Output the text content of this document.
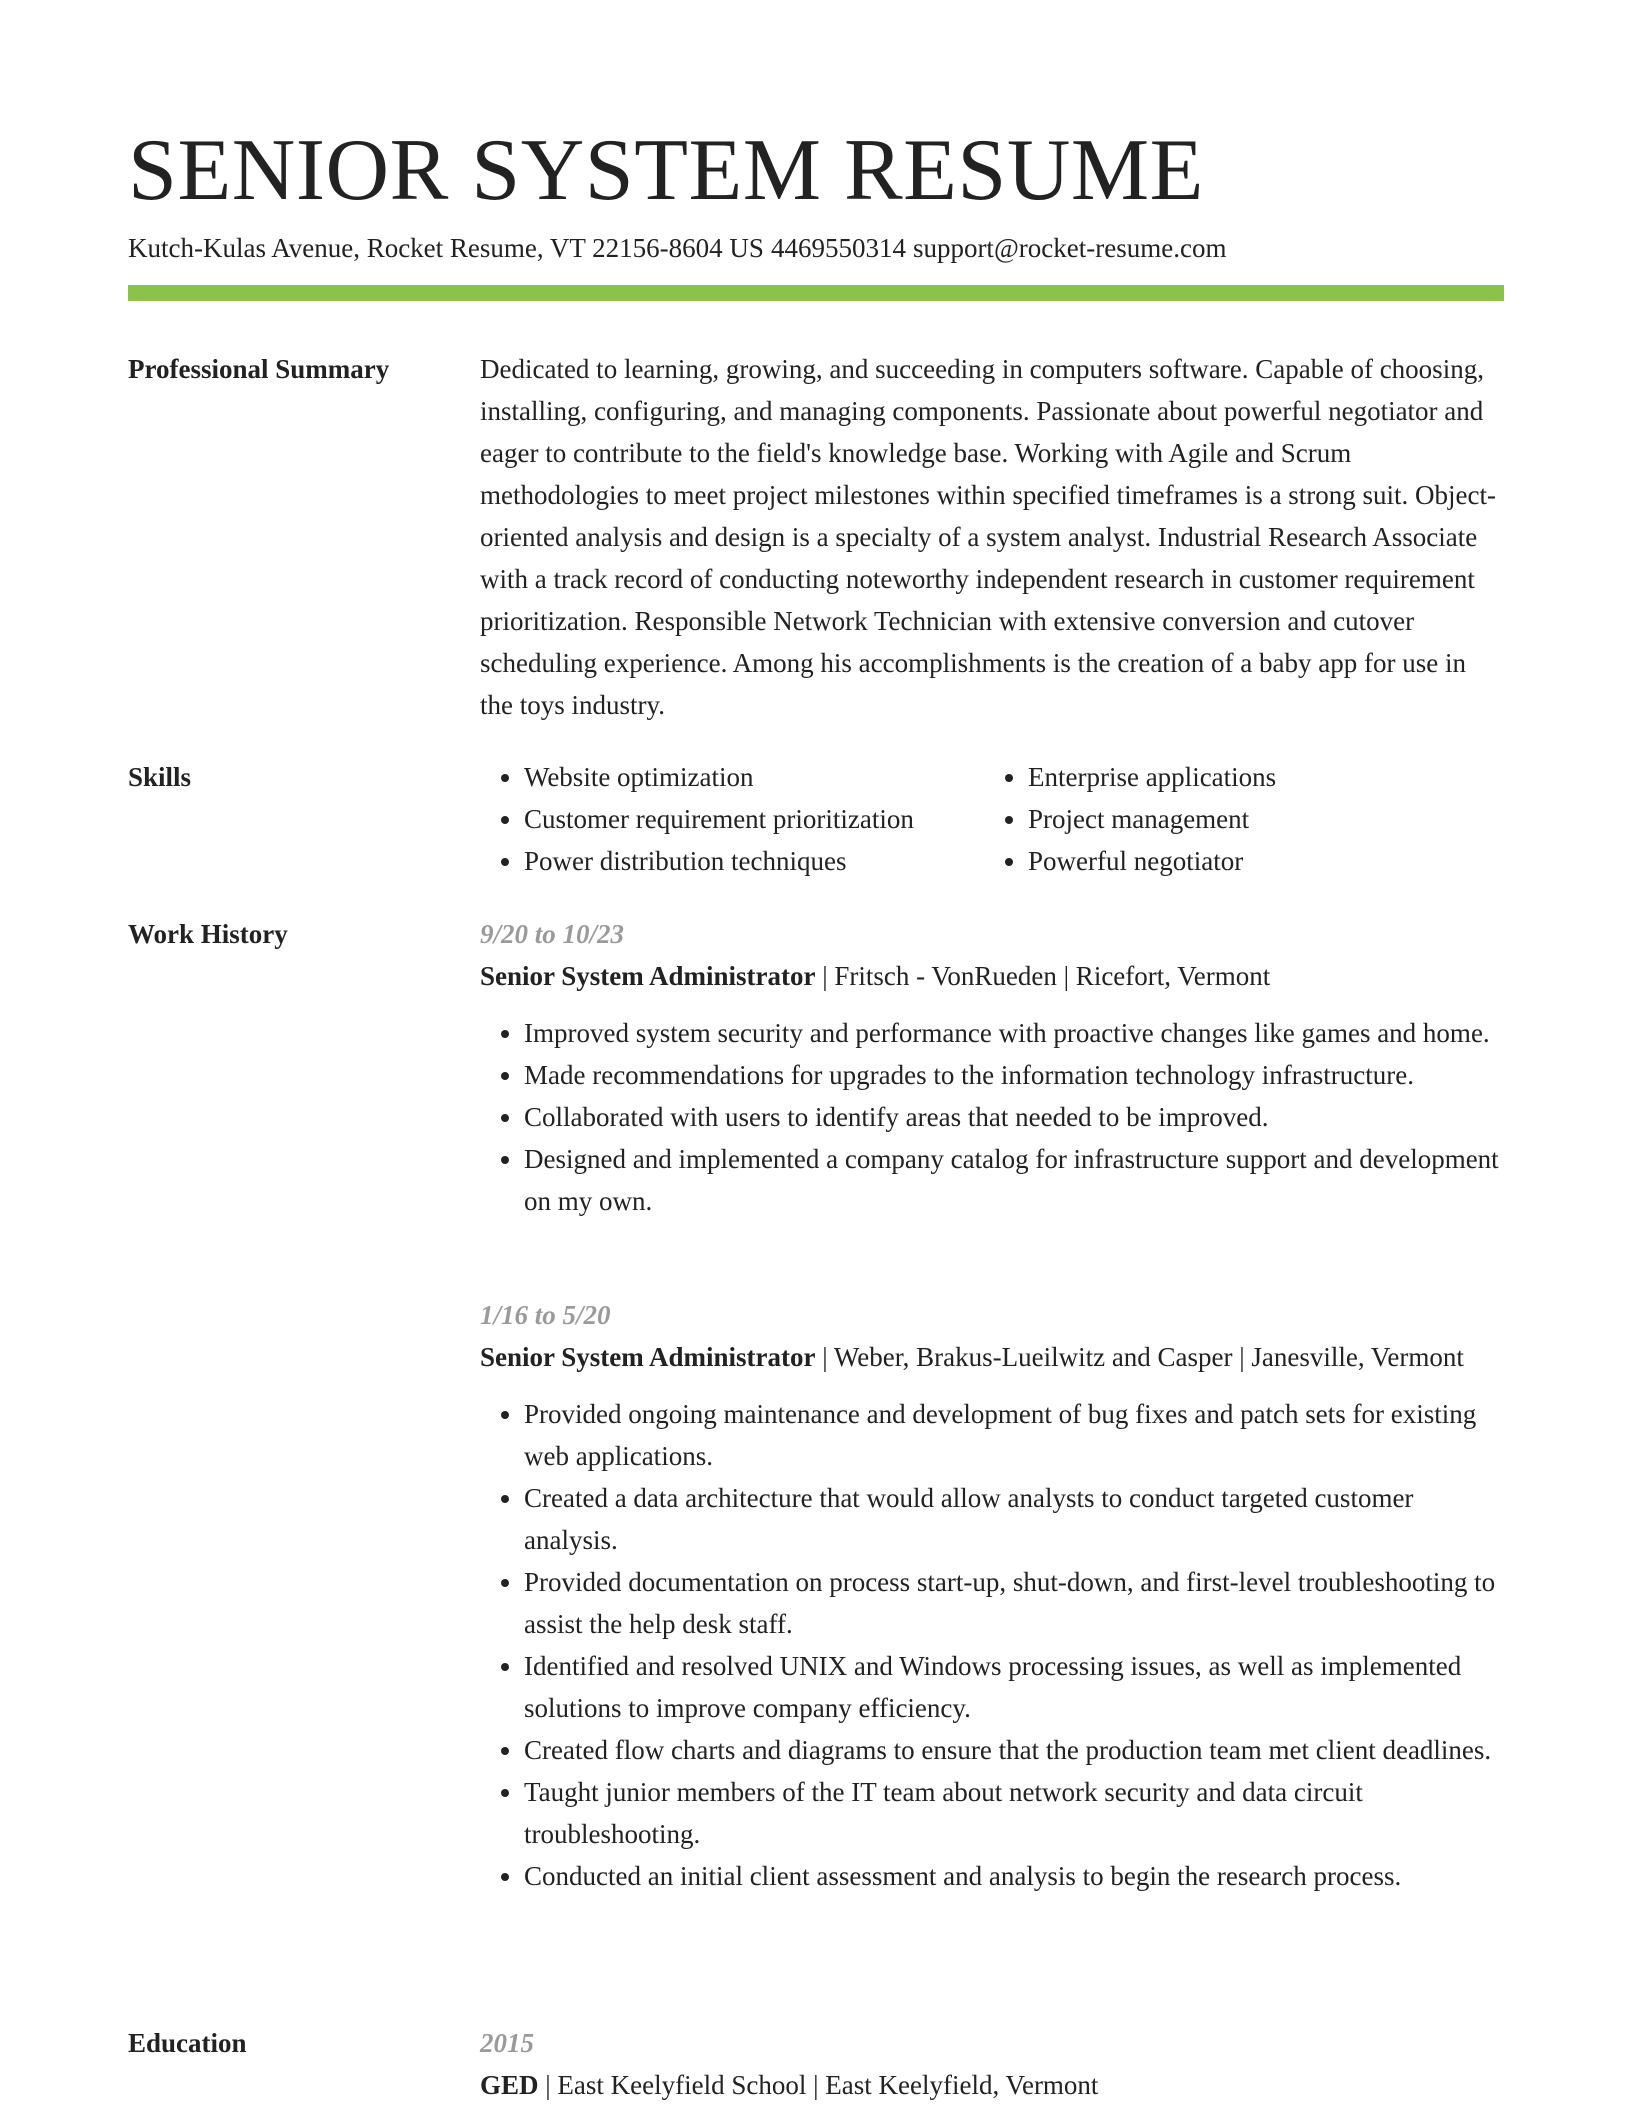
SENIOR SYSTEM RESUME
Kutch-Kulas Avenue, Rocket Resume, VT 22156-8604 US 4469550314 support@rocket-resume.com
Professional Summary	Dedicated to learning, growing, and succeeding in computers software. Capable of choosing, installing, configuring, and managing components. Passionate about powerful negotiator and eager to contribute to the field's knowledge base. Working with Agile and Scrum methodologies to meet project milestones within specified timeframes is a strong suit. Object-oriented analysis and design is a specialty of a system analyst. Industrial Research Associate with a track record of conducting noteworthy independent research in customer requirement prioritization. Responsible Network Technician with extensive conversion and cutover scheduling experience. Among his accomplishments is the creation of a baby app for use in the toys industry.

Skills
•	Website optimization
• Customer requirement prioritization
• Power distribution techniques
• Enterprise applications
• Project management
• Powerful negotiator
Work History	9/20 to 10/23
Senior System Administrator | Fritsch - VonRueden | Ricefort, Vermont
• Improved system security and performance with proactive changes like games and home.
• Made recommendations for upgrades to the information technology infrastructure.
• Collaborated with users to identify areas that needed to be improved.
• Designed and implemented a company catalog for infrastructure support and development on my own.
1/16 to 5/20
Senior System Administrator | Weber, Brakus-Lueilwitz and Casper | Janesville, Vermont
• Provided ongoing maintenance and development of bug fixes and patch sets for existing web applications.
• Created a data architecture that would allow analysts to conduct targeted customer analysis.
• Provided documentation on process start-up, shut-down, and first-level troubleshooting to assist the help desk staff.
• Identified and resolved UNIX and Windows processing issues, as well as implemented solutions to improve company efficiency.
• Created flow charts and diagrams to ensure that the production team met client deadlines.
• Taught junior members of the IT team about network security and data circuit troubleshooting.
• Conducted an initial client assessment and analysis to begin the research process.
Education	2015
GED | East Keelyfield School | East Keelyfield, Vermont
